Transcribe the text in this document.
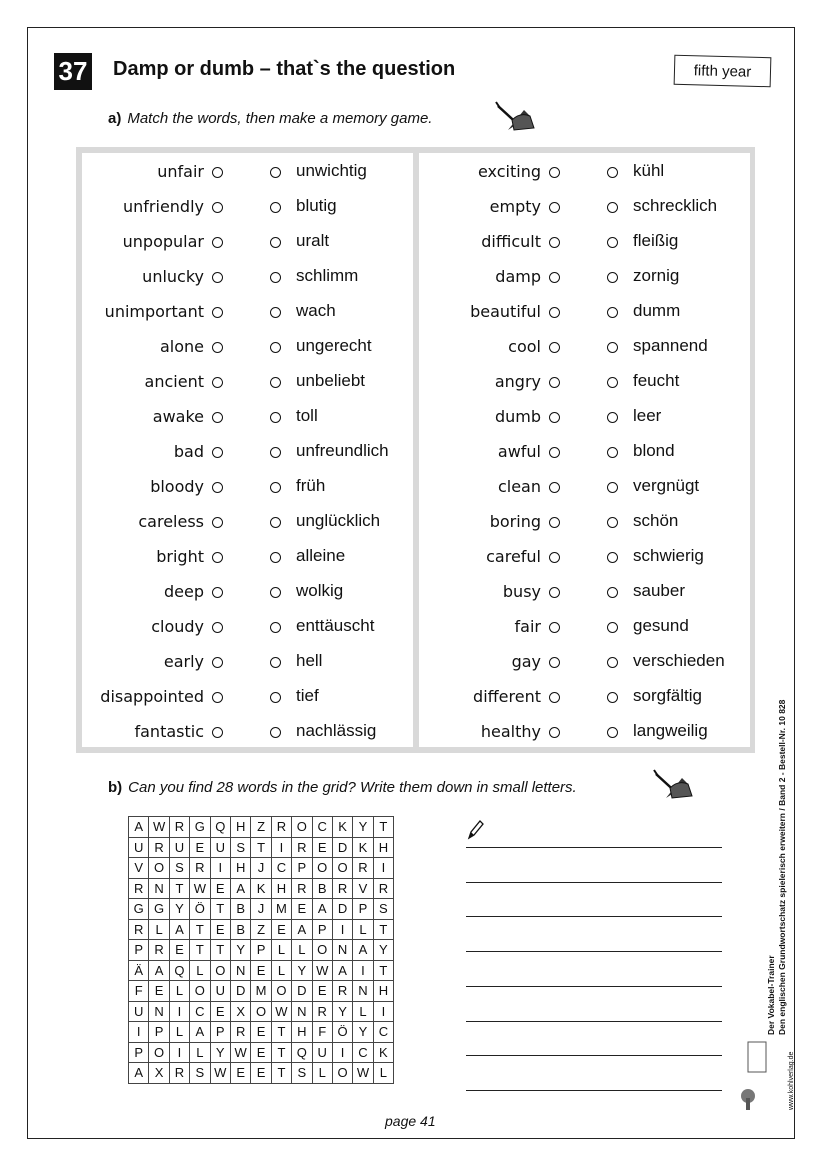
37 Damp or dumb – that`s the question	fifth year
a) Match the words, then make a memory game.
unfair	unwichtig
unfriendly	blutig
unpopular	uralt
unlucky	schlimm
unimportant	wach
alone	ungerecht
ancient	unbeliebt
awake	toll
bad	unfreundlich
bloody	früh
careless	unglücklich
bright	alleine
deep	wolkig
cloudy	enttäuscht
early	hell
disappointed	tief
fantastic	nachlässig
exciting	kühl
empty	schrecklich
difficult	fleißig
damp	zornig
beautiful	dumm
cool	spannend
angry	feucht
dumb	leer
awful	blond
clean	vergnügt
boring	schön
careful	schwierig
busy	sauber
fair	gesund
gay	verschieden
different	sorgfältig
healthy	langweilig
b) Can you find 28 words in the grid? Write them down in small letters.
A	W	R	G	Q	H	Z	R	O	C	K	Y	T
U	R	U	E	U	S	T	I	R	E	D	K	H
V	O	S	R	I	H	J	C	P	O	O	R	I
R	N	T	W	E	A	K	H	R	B	R	V	R
G	G	Y	Ö	T	B	J	M	E	A	D	P	S
R	L	A	T	E	B	Z	E	A	P	I	L	T
P	R	E	T	T	Y	P	L	L	O	N	A	Y
Ä	A	Q	L	O	N	E	L	Y	W	A	I	T
F	E	L	O	U	D	M	O	D	E	R	N	H
U	N	I	C	E	X	O	W	N	R	Y	L	I
I	P	L	A	P	R	E	T	H	F	Ö	Y	C
P	O	I	L	Y	W	E	T	Q	U	I	C	K
A	X	R	S	W	E	E	T	S	L	O	W	L
page 41
Der Vokabel-Trainer Den englischen Grundwortschatz spielerisch erweitern / Band 2 - Bestell-Nr. 10 828
www.kohlverlag.de
